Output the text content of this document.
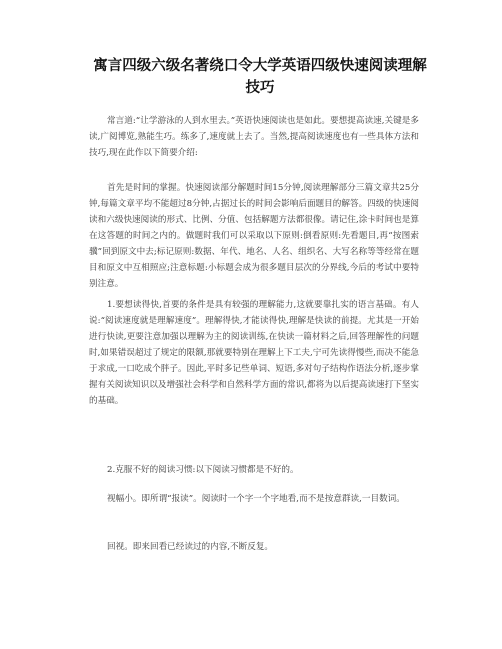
寓言四级六级名著绕口令大学英语四级快速阅读理解技巧

常言道:“让学游泳的人到水里去。”英语快速阅读也是如此。要想提高读速,关键是多读,广阅博览,熟能生巧。练多了,速度就上去了。当然,提高阅读速度也有一些具体方法和技巧,现在此作以下简要介绍:

首先是时间的掌握。快速阅读部分解题时间15分钟,阅读理解部分三篇文章共25分钟,每篇文章平均不能超过8分钟,占据过长的时间会影响后面题目的解答。四级的快速阅读和六级快速阅读的形式、比例、分值、包括解题方法都很像。请记住,涂卡时间也是算在这答题的时间之内的。做题时我们可以采取以下原则:倒看原则:先看题目,再“按图索骥”回到原文中去;标记原则:数据、年代、地名、人名、组织名、大写名称等等经常在题目和原文中互相照应;注意标题:小标题会成为很多题目层次的分界线,今后的考试中要特别注意。

1.要想读得快,首要的条件是具有较强的理解能力,这就要靠扎实的语言基础。有人说:“阅读速度就是理解速度”。理解得快,才能读得快,理解是快读的前提。尤其是一开始进行快读,更要注意加强以理解为主的阅读训练,在快读一篇材料之后,回答理解性的问题时,如果错误超过了规定的限额,那就要特别在理解上下工夫,宁可先读得慢些,而决不能急于求成,一口吃成个胖子。因此,平时多记些单词、短语,多对句子结构作语法分析,逐步掌握有关阅读知识以及增强社会科学和自然科学方面的常识,都将为以后提高读速打下坚实的基础。

2.克服不好的阅读习惯:以下阅读习惯都是不好的。

视幅小。即所谓“报读”。阅读时一个字一个字地看,而不是按意群读,一目数词。

回视。即来回看已经读过的内容,不断反复。
